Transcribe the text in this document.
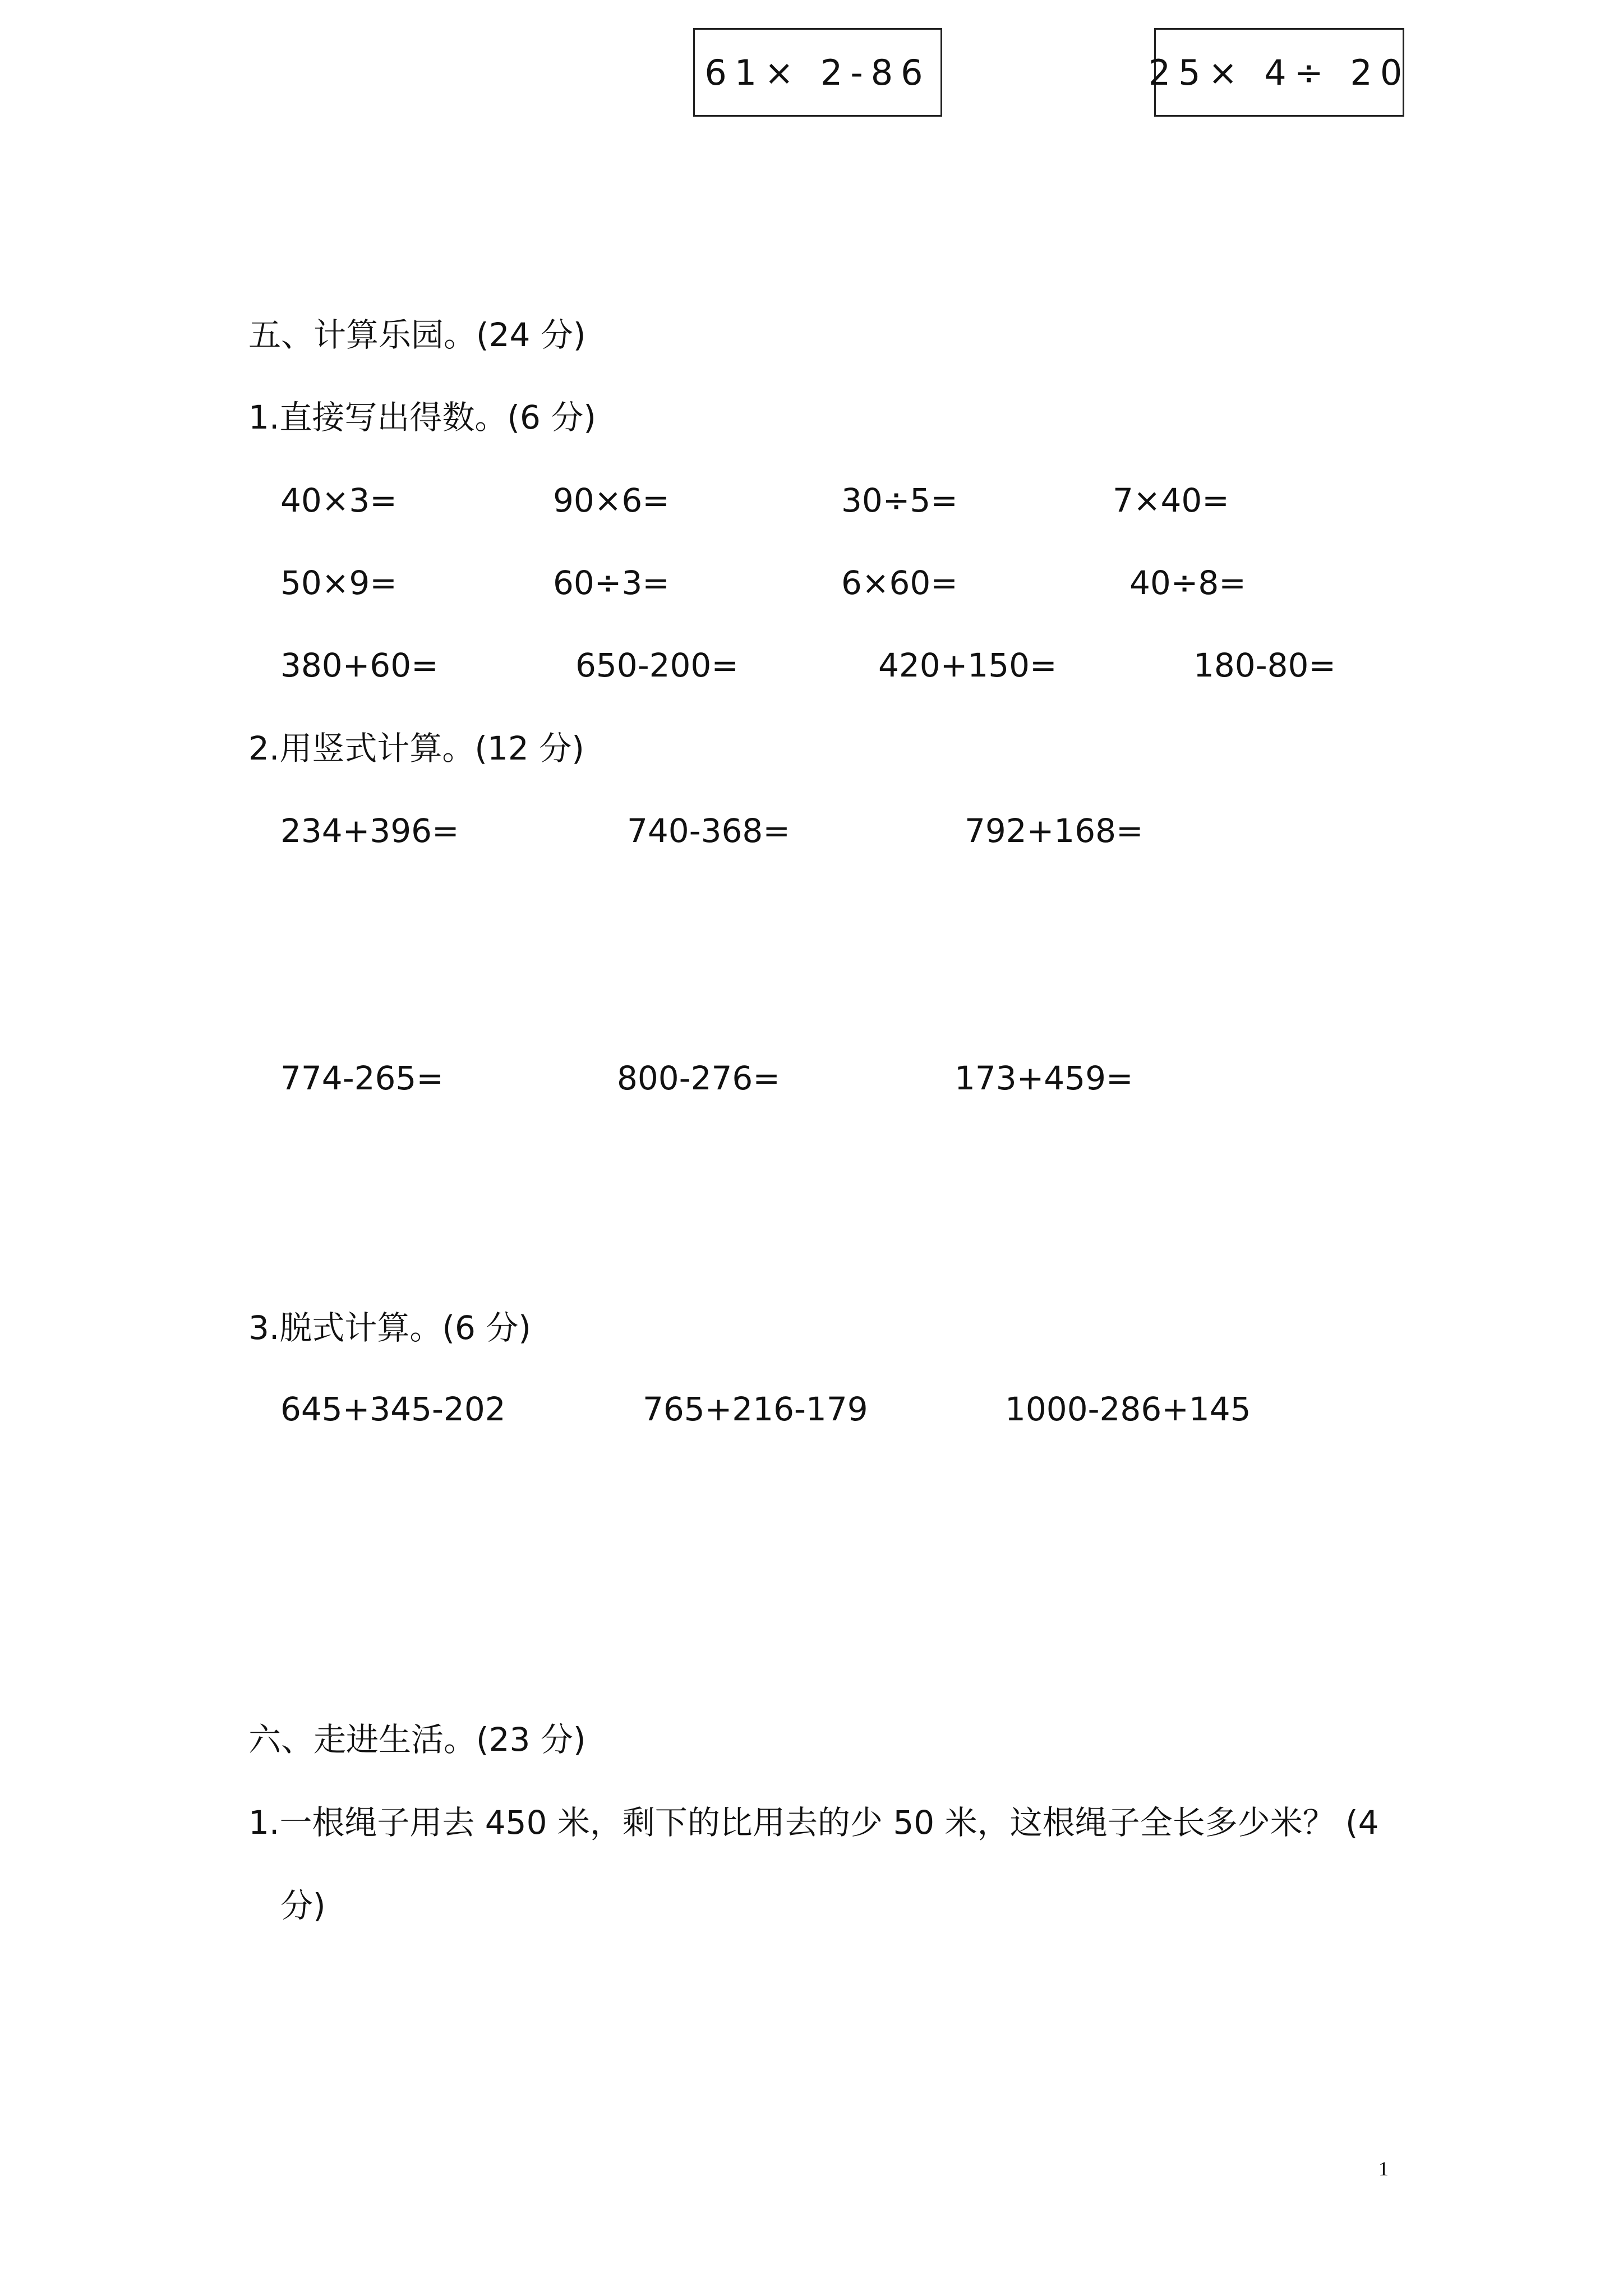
61× 2-86	25× 4÷ 20
五、计算乐园。(24 分)
1.直接写出得数。(6 分)
40×3=	90×6=	30÷5=	7×40=
50×9=	60÷3=	6×60=	40÷8=
380+60=	650-200=	420+150=	180-80=
2.用竖式计算。(12 分)
234+396=	740-368=	792+168=
774-265=	800-276=	173+459=
3.脱式计算。(6 分)
645+345-202	765+216-179	1000-286+145
六、走进生活。(23 分)
1.一根绳子用去 450 米，剩下的比用去的少 50 米，这根绳子全长多少米？ (4
分)
1
